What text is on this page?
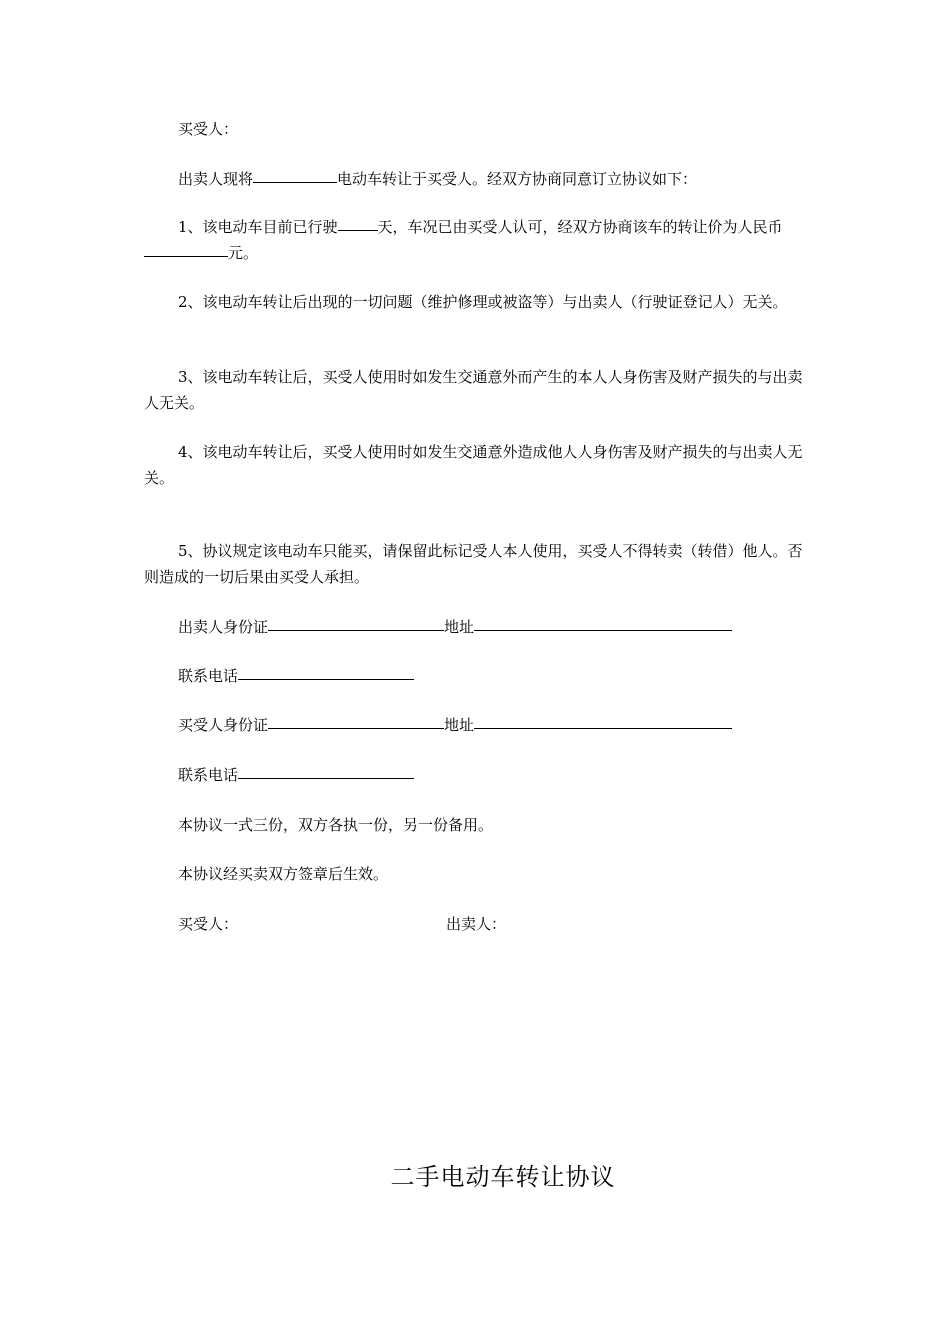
买受人：
出卖人现将	电动车转让于买受人。经双方协商同意订立协议如下：
1、该电动车目前已行驶	天，车况已由买受人认可，经双方协商该车的转让价为人民币元。
2、该电动车转让后出现的一切问题（维护修理或被盗等）与出卖人（行驶证登记人）无关。
3、该电动车转让后，买受人使用时如发生交通意外而产生的本人人身伤害及财产损失的与出卖人无关。
4、该电动车转让后，买受人使用时如发生交通意外造成他人人身伤害及财产损失的与出卖人无关。
5、协议规定该电动车只能买，请保留此标记受人本人使用，买受人不得转卖（转借）他人。否则造成的一切后果由买受人承担。
出卖人身份证	地址
联系电话
买受人身份证	地址
联系电话
本协议一式三份，双方各执一份，另一份备用。
本协议经买卖双方签章后生效。
买受人：	出卖人：
二手电动车转让协议
